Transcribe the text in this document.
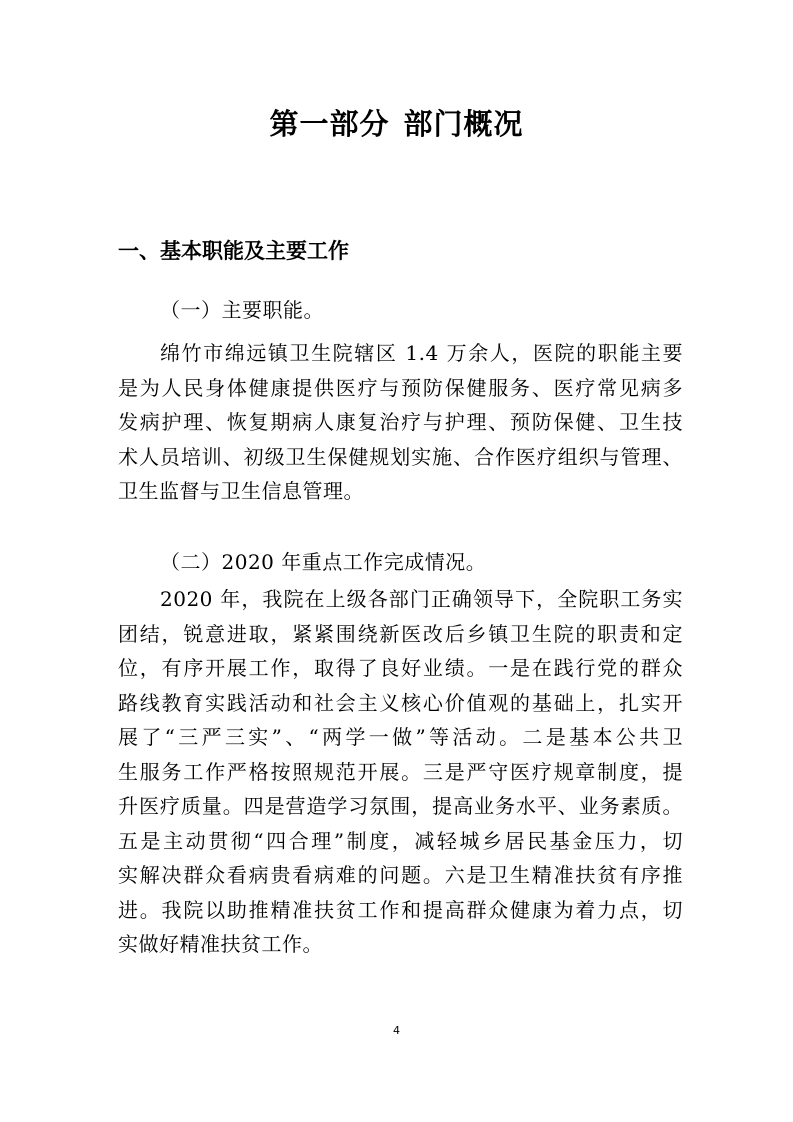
第一部分 部门概况
一、基本职能及主要工作

（一）主要职能。

绵竹市绵远镇卫生院辖区 1.4 万余人，医院的职能主要
是为人民身体健康提供医疗与预防保健服务、医疗常见病多
发病护理、恢复期病人康复治疗与护理、预防保健、卫生技
术人员培训、初级卫生保健规划实施、合作医疗组织与管理、
卫生监督与卫生信息管理。

（二）2020 年重点工作完成情况。

2020 年，我院在上级各部门正确领导下，全院职工务实
团结，锐意进取，紧紧围绕新医改后乡镇卫生院的职责和定
位，有序开展工作，取得了良好业绩。一是在践行党的群众
路线教育实践活动和社会主义核心价值观的基础上，扎实开
展了“三严三实”、“两学一做”等活动。二是基本公共卫
生服务工作严格按照规范开展。三是严守医疗规章制度，提
升医疗质量。四是营造学习氛围，提高业务水平、业务素质。
五是主动贯彻“四合理”制度，减轻城乡居民基金压力，切
实解决群众看病贵看病难的问题。六是卫生精准扶贫有序推
进。我院以助推精准扶贫工作和提高群众健康为着力点，切
实做好精准扶贫工作。
4
